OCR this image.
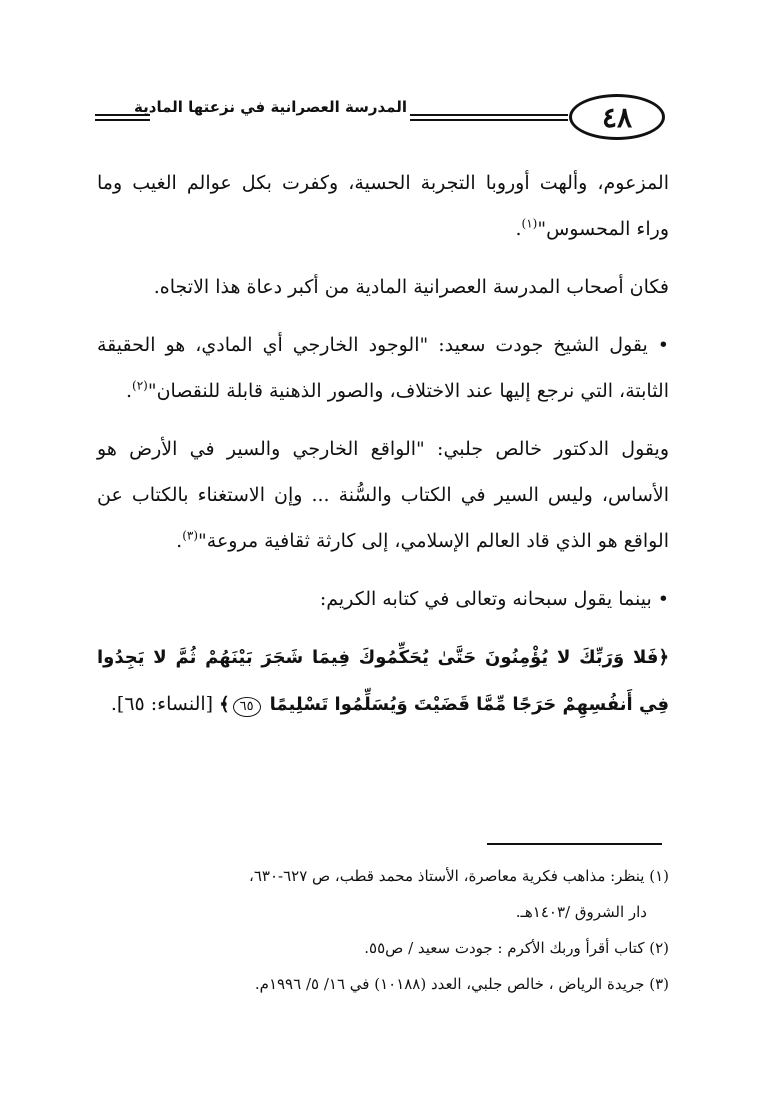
المدرسة العصرانية في نزعتها المادية	٤٨

المزعوم، وألهت أوروبا التجربة الحسية، وكفرت بكل عوالم الغيب وما وراء المحسوس"$^{(١)}$.

فكان أصحاب المدرسة العصرانية المادية من أكبر دعاة هذا الاتجاه.

• يقول الشيخ جودت سعيد: "الوجود الخارجي أي المادي، هو الحقيقة الثابتة، التي نرجع إليها عند الاختلاف، والصور الذهنية قابلة للنقصان"$^{(٢)}$.

ويقول الدكتور خالص جلبي: "الواقع الخارجي والسير في الأرض هو الأساس، وليس السير في الكتاب والسُّنة ... وإن الاستغناء بالكتاب عن الواقع هو الذي قاد العالم الإسلامي، إلى كارثة ثقافية مروعة"$^{(٣)}$.

• بينما يقول سبحانه وتعالى في كتابه الكريم:

﴿فَلا وَرَبِّكَ لا يُؤْمِنُونَ حَتَّىٰ يُحَكِّمُوكَ فِيمَا شَجَرَ بَيْنَهُمْ ثُمَّ لا يَجِدُوا فِي أَنفُسِهِمْ حَرَجًا مِّمَّا قَضَيْتَ وَيُسَلِّمُوا تَسْلِيمًا ٦٥﴾ [النساء: ٦٥].

(١) ينظر: مذاهب فكرية معاصرة، الأستاذ محمد قطب، ص ٦٢٧-٦٣٠،

دار الشروق /١٤٠٣هـ.

(٢) كتاب أقرأ وربك الأكرم : جودت سعيد / ص٥٥.

(٣) جريدة الرياض ، خالص جلبي، العدد (١٠١٨٨) في ١٦/ ٥/ ١٩٩٦م.
